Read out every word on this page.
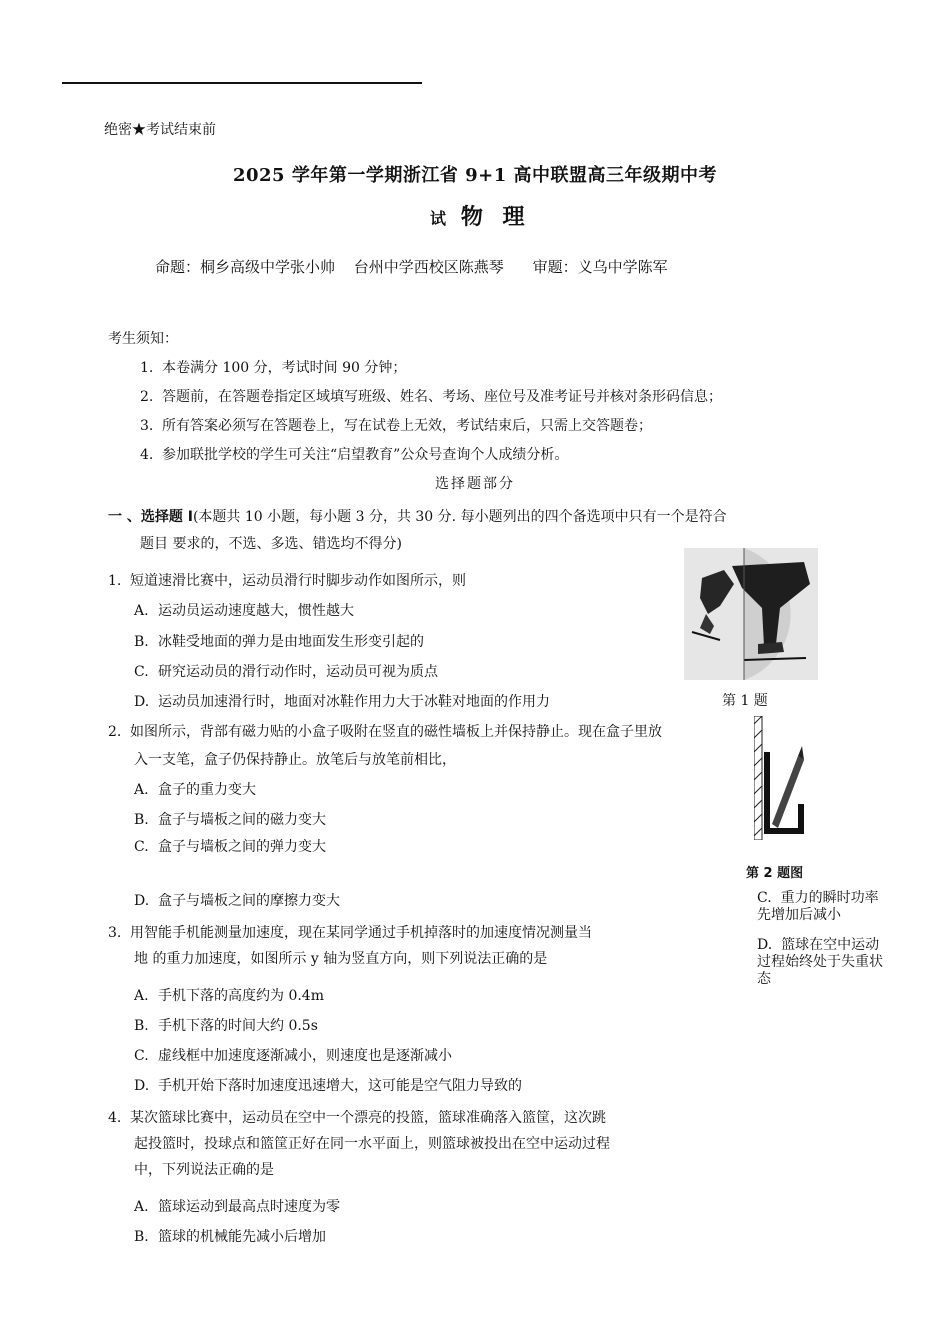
绝密★考试结束前
2025 学年第一学期浙江省 9+1 高中联盟高三年级期中考
试 物 理
命题：桐乡高级中学张小帅 台州中学西校区陈燕琴 审题：义乌中学陈军
考生须知：
1. 本卷满分 100 分，考试时间 90 分钟；
2. 答题前，在答题卷指定区域填写班级、姓名、考场、座位号及准考证号并核对条形码信息；
3. 所有答案必须写在答题卷上，写在试卷上无效，考试结束后，只需上交答题卷；
4. 参加联批学校的学生可关注“启望教育”公众号查询个人成绩分析。
选择题部分
一 、选择题 I(本题共 10 小题，每小题 3 分，共 30 分. 每小题列出的四个备选项中只有一个是符合
题目 要求的，不选、多选、错选均不得分)
1. 短道速滑比赛中，运动员滑行时脚步动作如图所示，则
A. 运动员运动速度越大，惯性越大
B. 冰鞋受地面的弹力是由地面发生形变引起的
C. 研究运动员的滑行动作时，运动员可视为质点
D. 运动员加速滑行时，地面对冰鞋作用力大于冰鞋对地面的作用力	第 1 题
2. 如图所示，背部有磁力贴的小盒子吸附在竖直的磁性墙板上并保持静止。现在盒子里放
入一支笔，盒子仍保持静止。放笔后与放笔前相比，
A. 盒子的重力变大
B. 盒子与墙板之间的磁力变大
C. 盒子与墙板之间的弹力变大
D. 盒子与墙板之间的摩擦力变大
第 2 题图
C. 重力的瞬时功率先增加后减小
D. 篮球在空中运动过程始终处于失重状态
3. 用智能手机能测量加速度，现在某同学通过手机掉落时的加速度情况测量当
地 的重力加速度，如图所示 y 轴为竖直方向，则下列说法正确的是
A. 手机下落的高度约为 0.4m
B. 手机下落的时间大约 0.5s
C. 虚线框中加速度逐渐减小，则速度也是逐渐减小
D. 手机开始下落时加速度迅速增大，这可能是空气阻力导致的
4. 某次篮球比赛中，运动员在空中一个漂亮的投篮，篮球准确落入篮筐，这次跳
起投篮时，投球点和篮筐正好在同一水平面上，则篮球被投出在空中运动过程
中，下列说法正确的是
A. 篮球运动到最高点时速度为零
B. 篮球的机械能先减小后增加
